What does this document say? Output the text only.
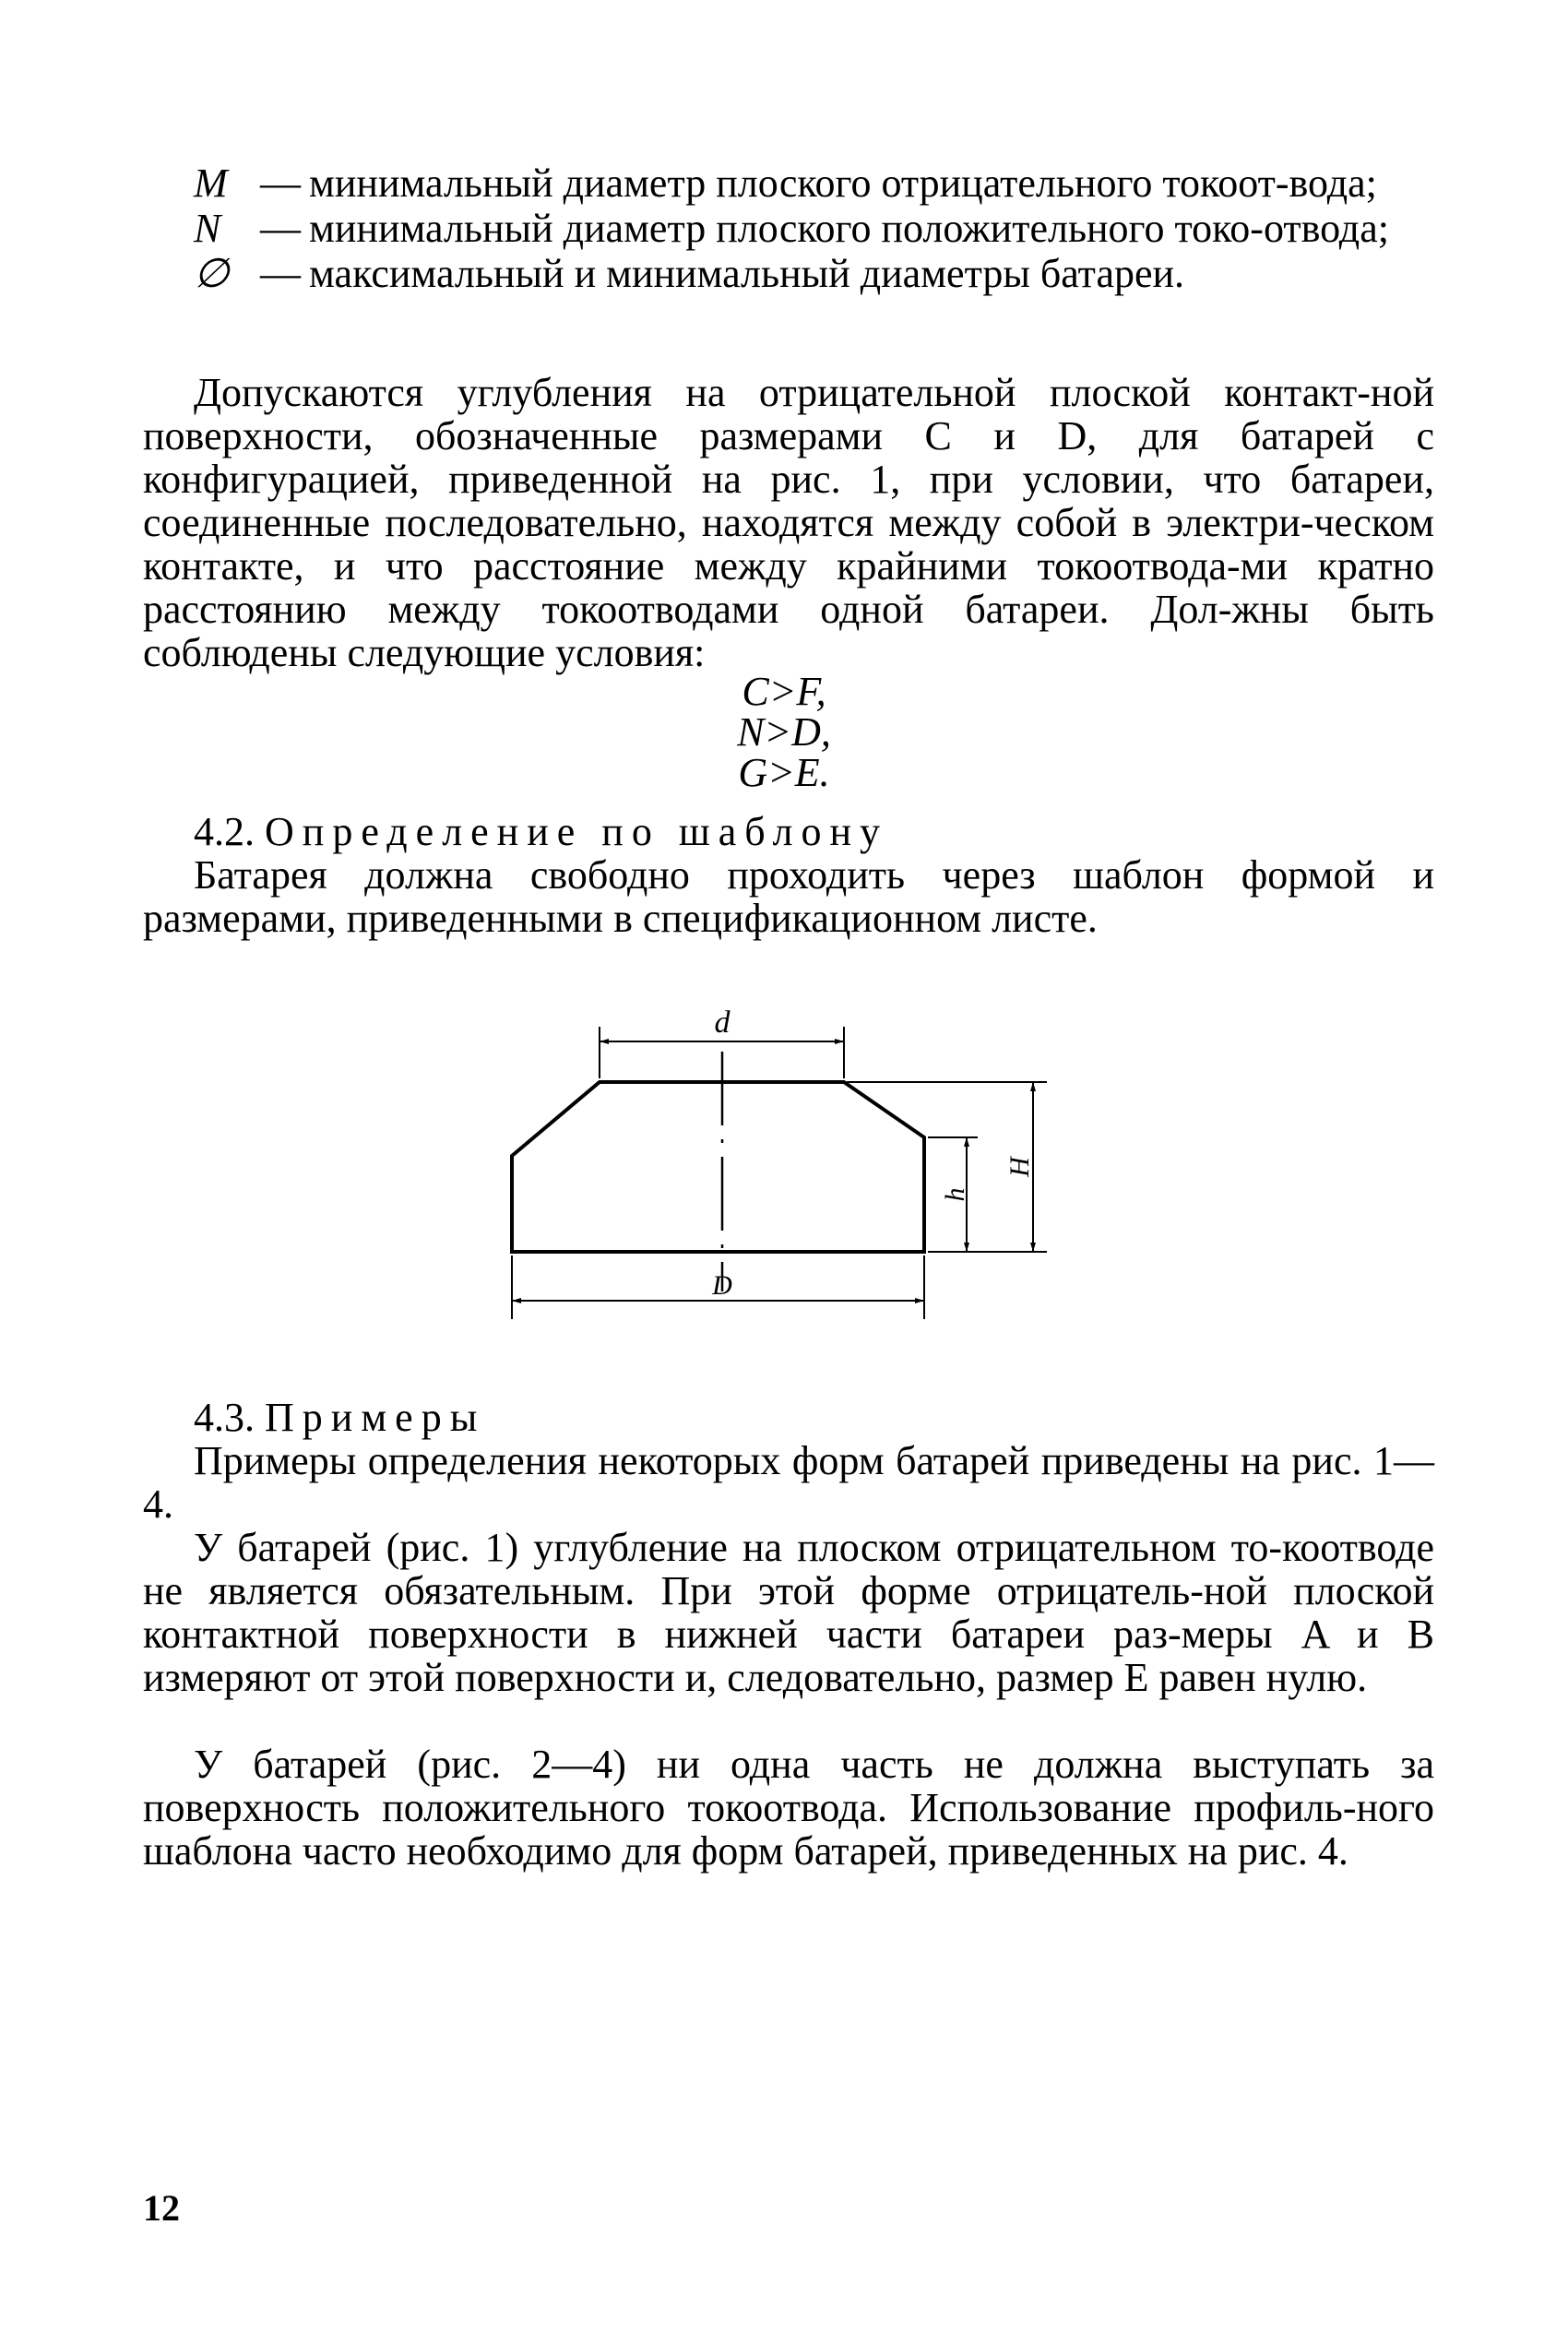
M — минимальный диаметр плоского отрицательного токоот-вода;
N — минимальный диаметр плоского положительного токо-отвода;
∅ — максимальный и минимальный диаметры батареи.

Допускаются углубления на отрицательной плоской контакт-ной поверхности, обозначенные размерами C и D, для батарей с конфигурацией, приведенной на рис. 1, при условии, что батареи, соединенные последовательно, находятся между собой в электри-ческом контакте, и что расстояние между крайними токоотвода-ми кратно расстоянию между токоотводами одной батареи. Дол-жны быть соблюдены следующие условия:

C>F,
N>D,
G>E.
4.2. Определение по шаблону

Батарея должна свободно проходить через шаблон формой и размерами, приведенными в спецификационном листе.

d
D
h
H
4.3. Примеры

Примеры определения некоторых форм батарей приведены на рис. 1—4.

У батарей (рис. 1) углубление на плоском отрицательном то-коотводе не является обязательным. При этой форме отрицатель-ной плоской контактной поверхности в нижней части батареи раз-меры A и B измеряют от этой поверхности и, следовательно, размер E равен нулю.

У батарей (рис. 2—4) ни одна часть не должна выступать за поверхность положительного токоотвода. Использование профиль-ного шаблона часто необходимо для форм батарей, приведенных на рис. 4.

12
